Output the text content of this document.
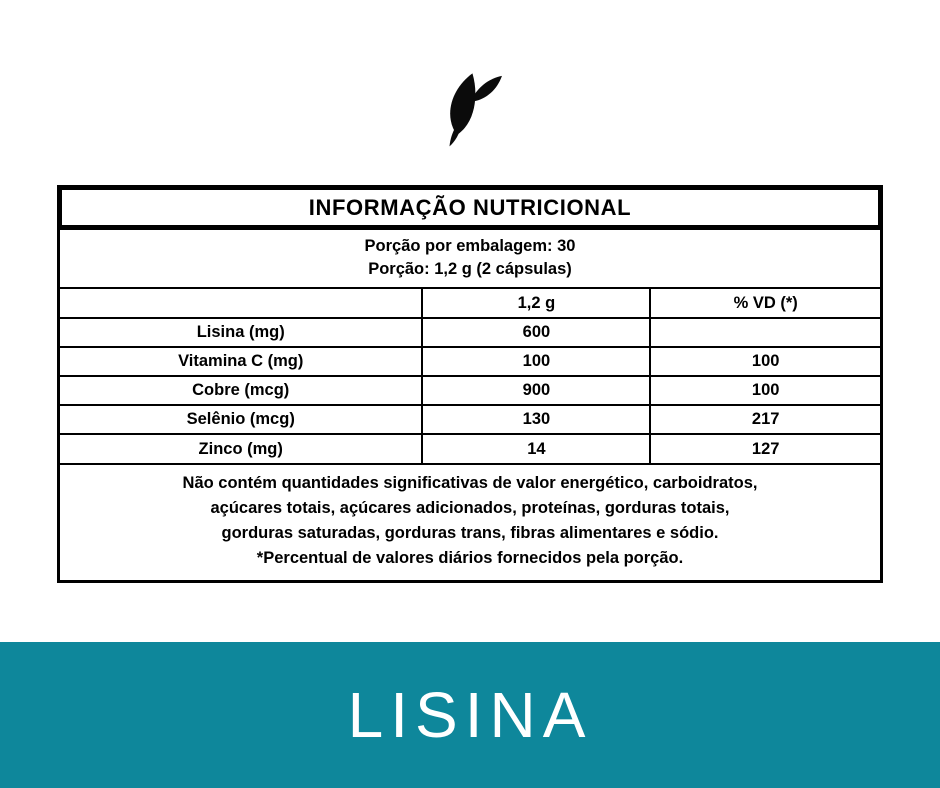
INFORMAÇÃO NUTRICIONAL
Porção por embalagem: 30
Porção: 1,2 g (2 cápsulas)
	1,2 g	% VD (*)
Lisina (mg)	600	
Vitamina C (mg)	100	100
Cobre (mcg)	900	100
Selênio (mcg)	130	217
Zinco (mg)	14	127
Não contém quantidades significativas de valor energético, carboidratos,
açúcares totais, açúcares adicionados, proteínas, gorduras totais,
gorduras saturadas, gorduras trans, fibras alimentares e sódio.
*Percentual de valores diários fornecidos pela porção.
LISINA
